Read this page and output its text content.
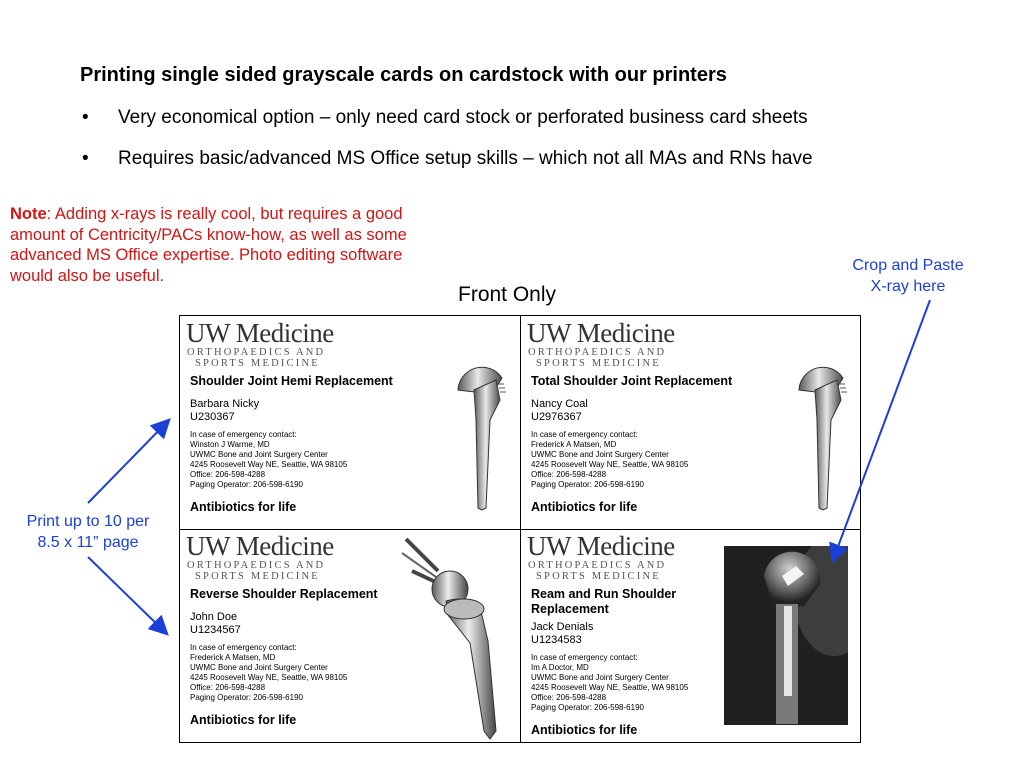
Printing single sided grayscale cards on cardstock with our printers
• Very economical option – only need card stock or perforated business card sheets
• Requires basic/advanced MS Office setup skills – which not all MAs and RNs have
Note: Adding x-rays is really cool, but requires a good amount of Centricity/PACs know-how, as well as some advanced MS Office expertise. Photo editing software would also be useful.
Front Only
Crop and Paste
X-ray here
Print up to 10 per
8.5 x 11” page
UW Medicine
ORTHOPAEDICS AND
SPORTS MEDICINE
Shoulder Joint Hemi Replacement
Barbara Nicky
U230367
In case of emergency contact:
Winston J Warme, MD
UWMC Bone and Joint Surgery Center
4245 Roosevelt Way NE, Seattle, WA 98105
Office: 206-598-4288
Paging Operator: 206-598-6190
Antibiotics for life
UW Medicine
ORTHOPAEDICS AND
SPORTS MEDICINE
Total Shoulder Joint Replacement
Nancy Coal
U2976367
In case of emergency contact:
Frederick A Matsen, MD
UWMC Bone and Joint Surgery Center
4245 Roosevelt Way NE, Seattle, WA 98105
Office: 206-598-4288
Paging Operator: 206-598-6190
Antibiotics for life
UW Medicine
ORTHOPAEDICS AND
SPORTS MEDICINE
Reverse Shoulder Replacement
John Doe
U1234567
In case of emergency contact:
Frederick A Matsen, MD
UWMC Bone and Joint Surgery Center
4245 Roosevelt Way NE, Seattle, WA 98105
Office: 206-598-4288
Paging Operator: 206-598-6190
Antibiotics for life
UW Medicine
ORTHOPAEDICS AND
SPORTS MEDICINE
Ream and Run Shoulder Replacement
Jack Denials
U1234583
In case of emergency contact:
Im A Doctor, MD
UWMC Bone and Joint Surgery Center
4245 Roosevelt Way NE, Seattle, WA 98105
Office: 206-598-4288
Paging Operator: 206-598-6190
Antibiotics for life
